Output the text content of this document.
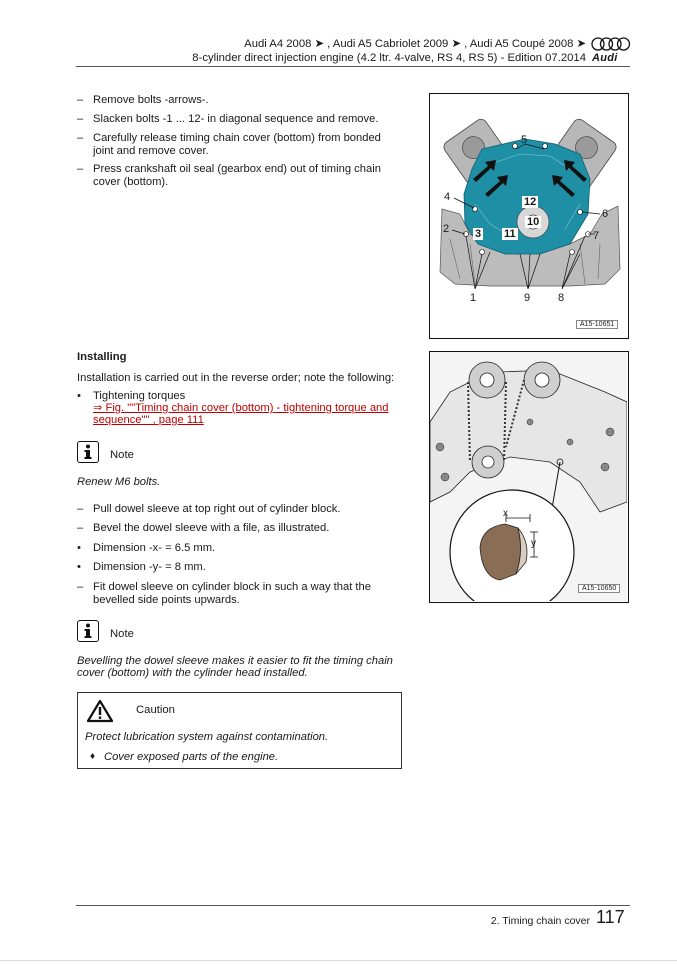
Audi A4 2008 ➤ , Audi A5 Cabriolet 2009 ➤ , Audi A5 Coupé 2008 ➤
8-cylinder direct injection engine (4.2 ltr. 4-valve, RS 4, RS 5) - Edition 07.2014 Audi
– Remove bolts -arrows-.
– Slacken bolts -1 ... 12- in diagonal sequence and remove.
– Carefully release timing chain cover (bottom) from bonded joint and remove cover.
– Press crankshaft oil seal (gearbox end) out of timing chain cover (bottom).
1
2 3
4
5
6
7
8
9
10
11
12
A15-10651
Installing
Installation is carried out in the reverse order; note the following:
• Tightening torques
⇒ Fig. ""Timing chain cover (bottom) - tightening torque and sequence"" , page 111
Note
Renew M6 bolts.
– Pull dowel sleeve at top right out of cylinder block.
– Bevel the dowel sleeve with a file, as illustrated.
• Dimension -x- = 6.5 mm.
• Dimension -y- = 8 mm.
– Fit dowel sleeve on cylinder block in such a way that the bevelled side points upwards.
x
y
A15-10650
Note
Bevelling the dowel sleeve makes it easier to fit the timing chain cover (bottom) with the cylinder head installed.
Caution
Protect lubrication system against contamination.
♦ Cover exposed parts of the engine.
2. Timing chain cover 117
